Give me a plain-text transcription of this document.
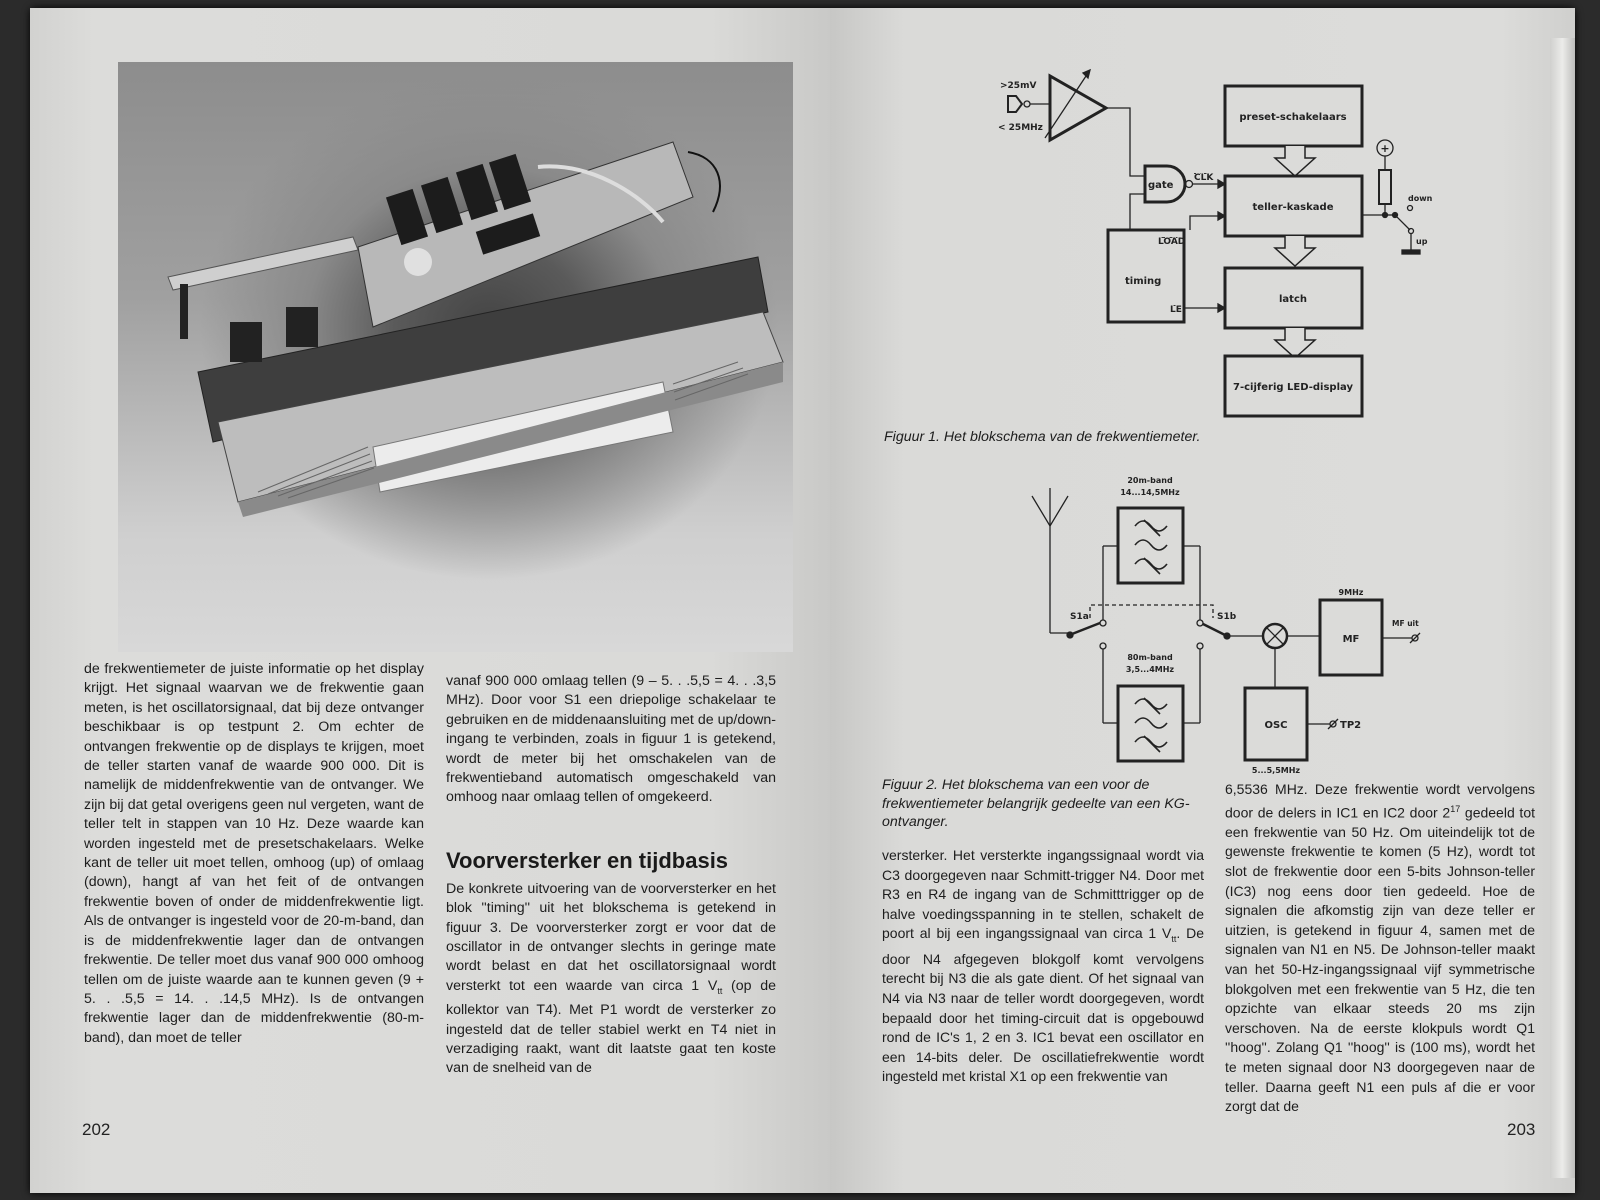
de frekwentiemeter de juiste informatie op het display krijgt. Het signaal waarvan we de frekwentie gaan meten, is het oscillatorsignaal, dat bij deze ontvanger beschikbaar is op testpunt 2. Om echter de ontvangen frekwentie op de displays te krijgen, moet de teller starten vanaf de waarde 900 000. Dit is namelijk de middenfrekwentie van de ontvanger. We zijn bij dat getal overigens geen nul vergeten, want de teller telt in stappen van 10 Hz. Deze waarde kan worden ingesteld met de presetschakelaars. Welke kant de teller uit moet tellen, omhoog (up) of omlaag (down), hangt af van het feit of de ontvangen frekwentie boven of onder de middenfrekwentie ligt. Als de ontvanger is ingesteld voor de 20-m-band, dan is de middenfrekwentie lager dan de ontvangen frekwentie. De teller moet dus vanaf 900 000 omhoog tellen om de juiste waarde aan te kunnen geven (9 + 5. . .5,5 = 14. . .14,5 MHz). Is de ontvangen frekwentie lager dan de middenfrekwentie (80-m-band), dan moet de teller

vanaf 900 000 omlaag tellen (9 – 5. . .5,5 = 4. . .3,5 MHz). Door voor S1 een driepolige schakelaar te gebruiken en de middenaansluiting met de up/down-ingang te verbinden, zoals in figuur 1 is getekend, wordt de meter bij het omschakelen van de frekwentieband automatisch omgeschakeld van omhoog naar omlaag tellen of omgekeerd.

Voorversterker en tijdbasis

De konkrete uitvoering van de voorversterker en het blok ''timing'' uit het blokschema is getekend in figuur 3. De voorversterker zorgt er voor dat de oscillator in de ontvanger slechts in geringe mate wordt belast en dat het oscillatorsignaal wordt versterkt tot een waarde van circa 1 $V_{tt}$ (op de kollektor van T4). Met P1 wordt de versterker zo ingesteld dat de teller stabiel werkt en T4 niet in verzadiging raakt, want dit laatste gaat ten koste van de snelheid van de

202
>25mV
< 25MHz
gate
CLK
preset-schakelaars
teller-kaskade
LOAD
timing
LE
latch
7-cijferig LED-display
+
down
up
Figuur 1. Het blokschema van de frekwentiemeter.
20m-band
14...14,5MHz
80m-band
3,5...4MHz
S1a	S1b
9MHz
MF
MF uit
OSC
5...5,5MHz
TP2
Figuur 2. Het blokschema van een voor de frekwentiemeter belangrijk gedeelte van een KG-ontvanger.

versterker. Het versterkte ingangssignaal wordt via C3 doorgegeven naar Schmitt-trigger N4. Door met R3 en R4 de ingang van de Schmitttrigger op de halve voedingsspanning in te stellen, schakelt de poort al bij een ingangssignaal van circa 1 $V_{tt}$. De door N4 afgegeven blokgolf komt vervolgens terecht bij N3 die als gate dient. Of het signaal van N4 via N3 naar de teller wordt doorgegeven, wordt bepaald door het timing-circuit dat is opgebouwd rond de IC's 1, 2 en 3. IC1 bevat een oscillator en een 14-bits deler. De oscillatiefrekwentie wordt ingesteld met kristal X1 op een frekwentie van

6,5536 MHz. Deze frekwentie wordt vervolgens door de delers in IC1 en IC2 door $2^{17}$ gedeeld tot een frekwentie van 50 Hz. Om uiteindelijk tot de gewenste frekwentie te komen (5 Hz), wordt tot slot de frekwentie door een 5-bits Johnson-teller (IC3) nog eens door tien gedeeld. Hoe de signalen die afkomstig zijn van deze teller er uitzien, is getekend in figuur 4, samen met de signalen van N1 en N5. De Johnson-teller maakt van het 50-Hz-ingangssignaal vijf symmetrische blokgolven met een frekwentie van 5 Hz, die ten opzichte van elkaar steeds 20 ms zijn verschoven. Na de eerste klokpuls wordt Q1 ''hoog''. Zolang Q1 ''hoog'' is (100 ms), wordt het te meten signaal door N3 doorgegeven naar de teller. Daarna geeft N1 een puls af die er voor zorgt dat de

203
